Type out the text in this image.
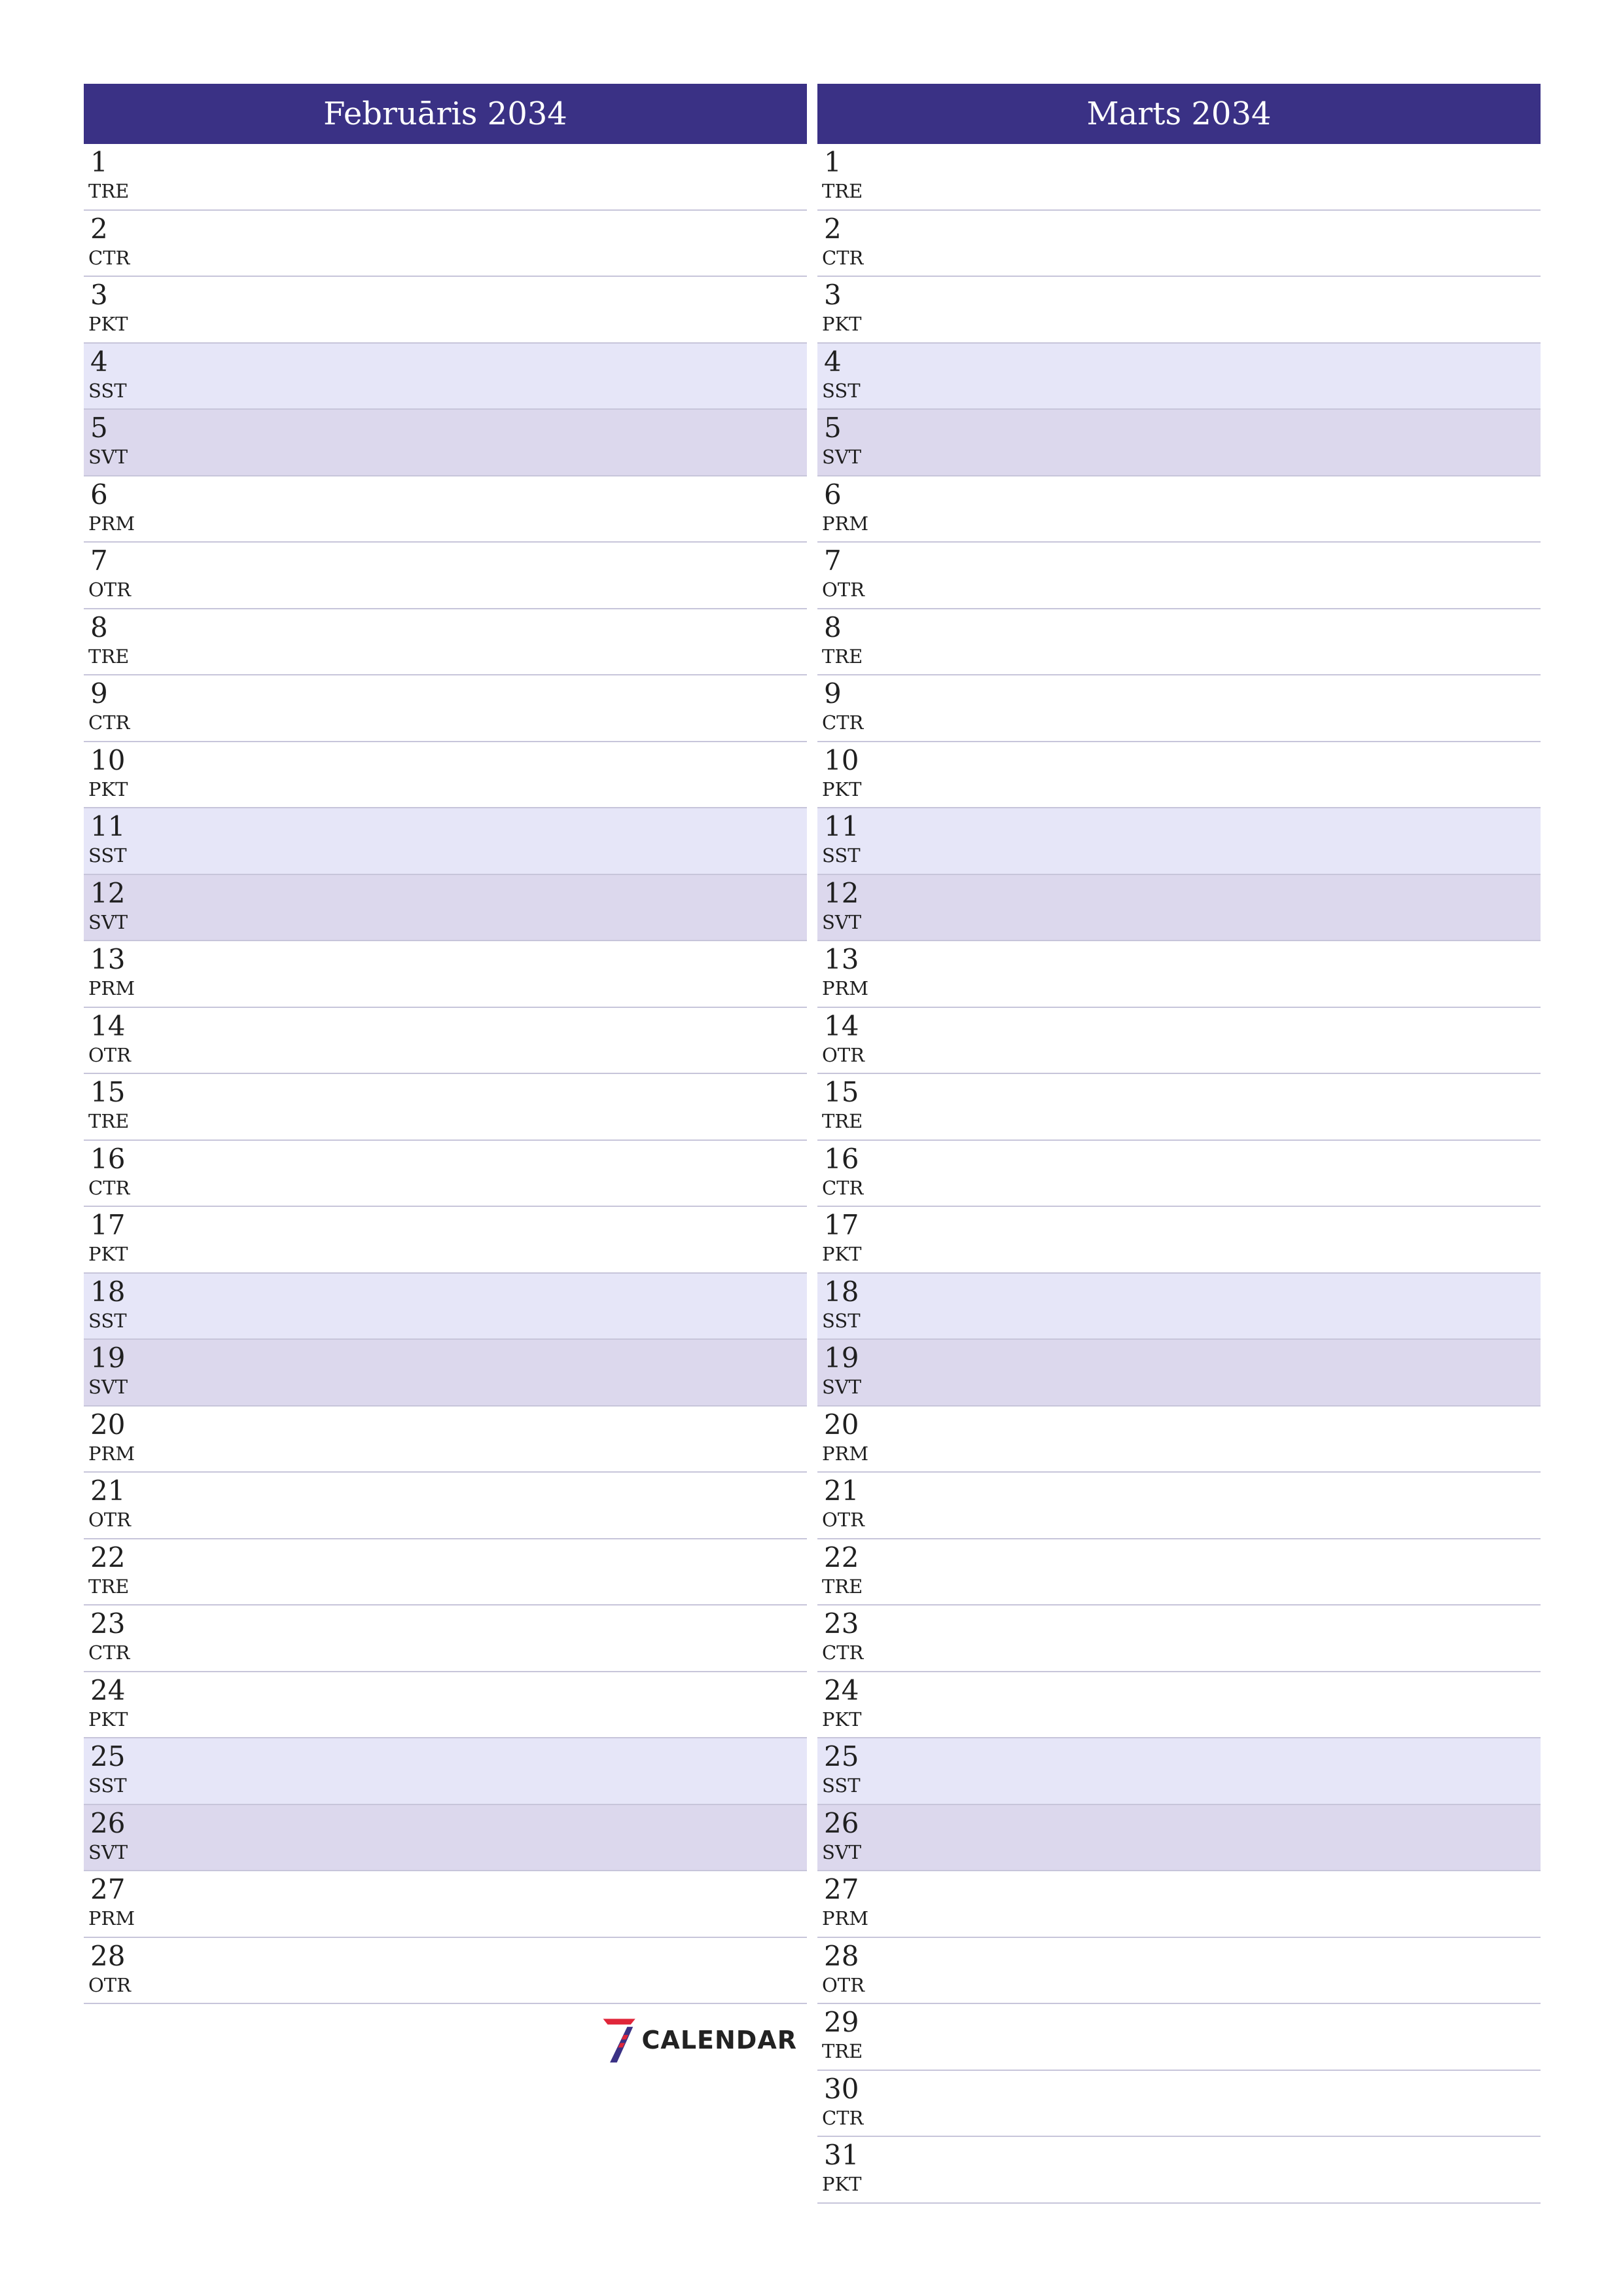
Februāris 2034
1
TRE
2
CTR
3
PKT
4
SST
5
SVT
6
PRM
7
OTR
8
TRE
9
CTR
10
PKT
11
SST
12
SVT
13
PRM
14
OTR
15
TRE
16
CTR
17
PKT
18
SST
19
SVT
20
PRM
21
OTR
22
TRE
23
CTR
24
PKT
25
SST
26
SVT
27
PRM
28
OTR
Marts 2034
1
TRE
2
CTR
3
PKT
4
SST
5
SVT
6
PRM
7
OTR
8
TRE
9
CTR
10
PKT
11
SST
12
SVT
13
PRM
14
OTR
15
TRE
16
CTR
17
PKT
18
SST
19
SVT
20
PRM
21
OTR
22
TRE
23
CTR
24
PKT
25
SST
26
SVT
27
PRM
28
OTR
29
TRE
30
CTR
31
PKT
CALENDAR
